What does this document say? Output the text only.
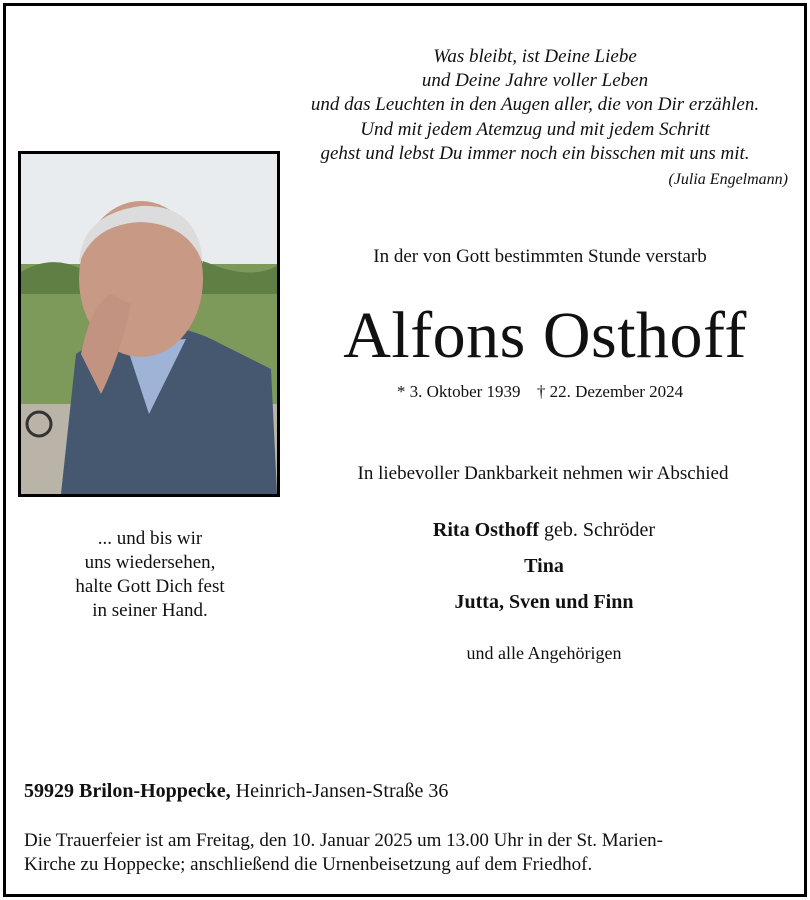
Was bleibt, ist Deine Liebe
und Deine Jahre voller Leben
und das Leuchten in den Augen aller, die von Dir erzählen.
Und mit jedem Atemzug und mit jedem Schritt
gehst und lebst Du immer noch ein bisschen mit uns mit.
(Julia Engelmann)
In der von Gott bestimmten Stunde verstarb
Alfons Osthoff
* 3. Oktober 1939 † 22. Dezember 2024
In liebevoller Dankbarkeit nehmen wir Abschied
Rita Osthoff geb. Schröder
Tina
Jutta, Sven und Finn
und alle Angehörigen
... und bis wir
uns wiedersehen,
halte Gott Dich fest
in seiner Hand.
59929 Brilon-Hoppecke, Heinrich-Jansen-Straße 36
Die Trauerfeier ist am Freitag, den 10. Januar 2025 um 13.00 Uhr in der St. Marien-
Kirche zu Hoppecke; anschließend die Urnenbeisetzung auf dem Friedhof.
